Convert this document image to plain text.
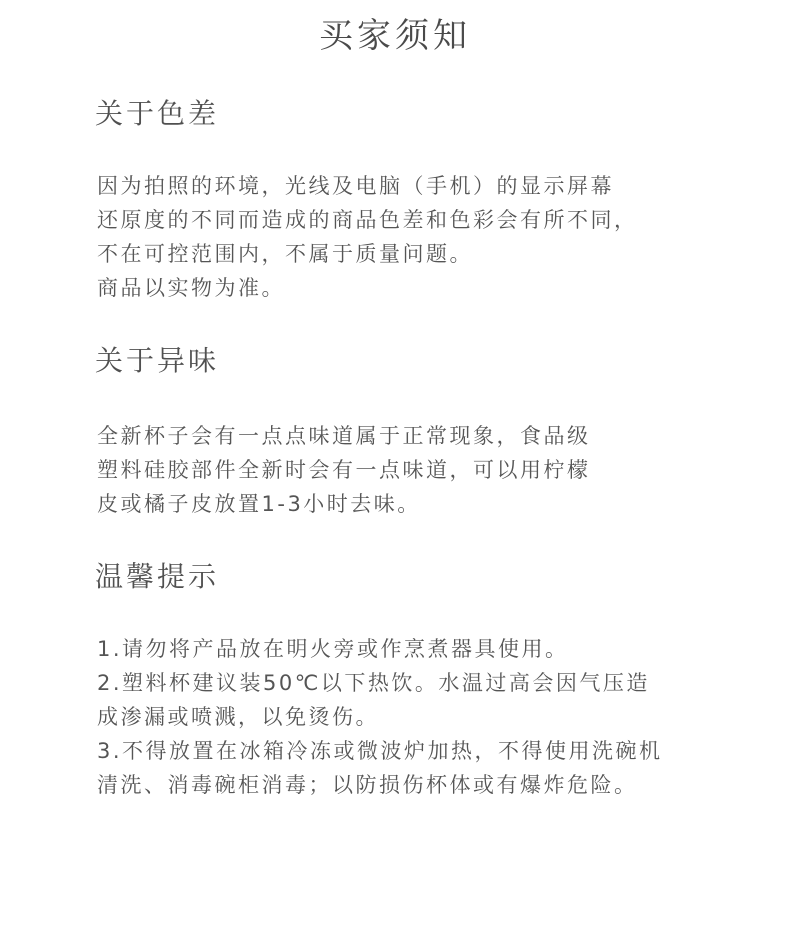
买家须知
关于色差
因为拍照的环境，光线及电脑（手机）的显示屏幕
还原度的不同而造成的商品色差和色彩会有所不同，
不在可控范围内，不属于质量问题。
商品以实物为准。
关于异味
全新杯子会有一点点味道属于正常现象，食品级
塑料硅胶部件全新时会有一点味道，可以用柠檬
皮或橘子皮放置1-3小时去味。
温馨提示
1.请勿将产品放在明火旁或作烹煮器具使用。
2.塑料杯建议装50℃以下热饮。水温过高会因气压造
成渗漏或喷溅，以免烫伤。
3.不得放置在冰箱冷冻或微波炉加热，不得使用洗碗机
清洗、消毒碗柜消毒；以防损伤杯体或有爆炸危险。
